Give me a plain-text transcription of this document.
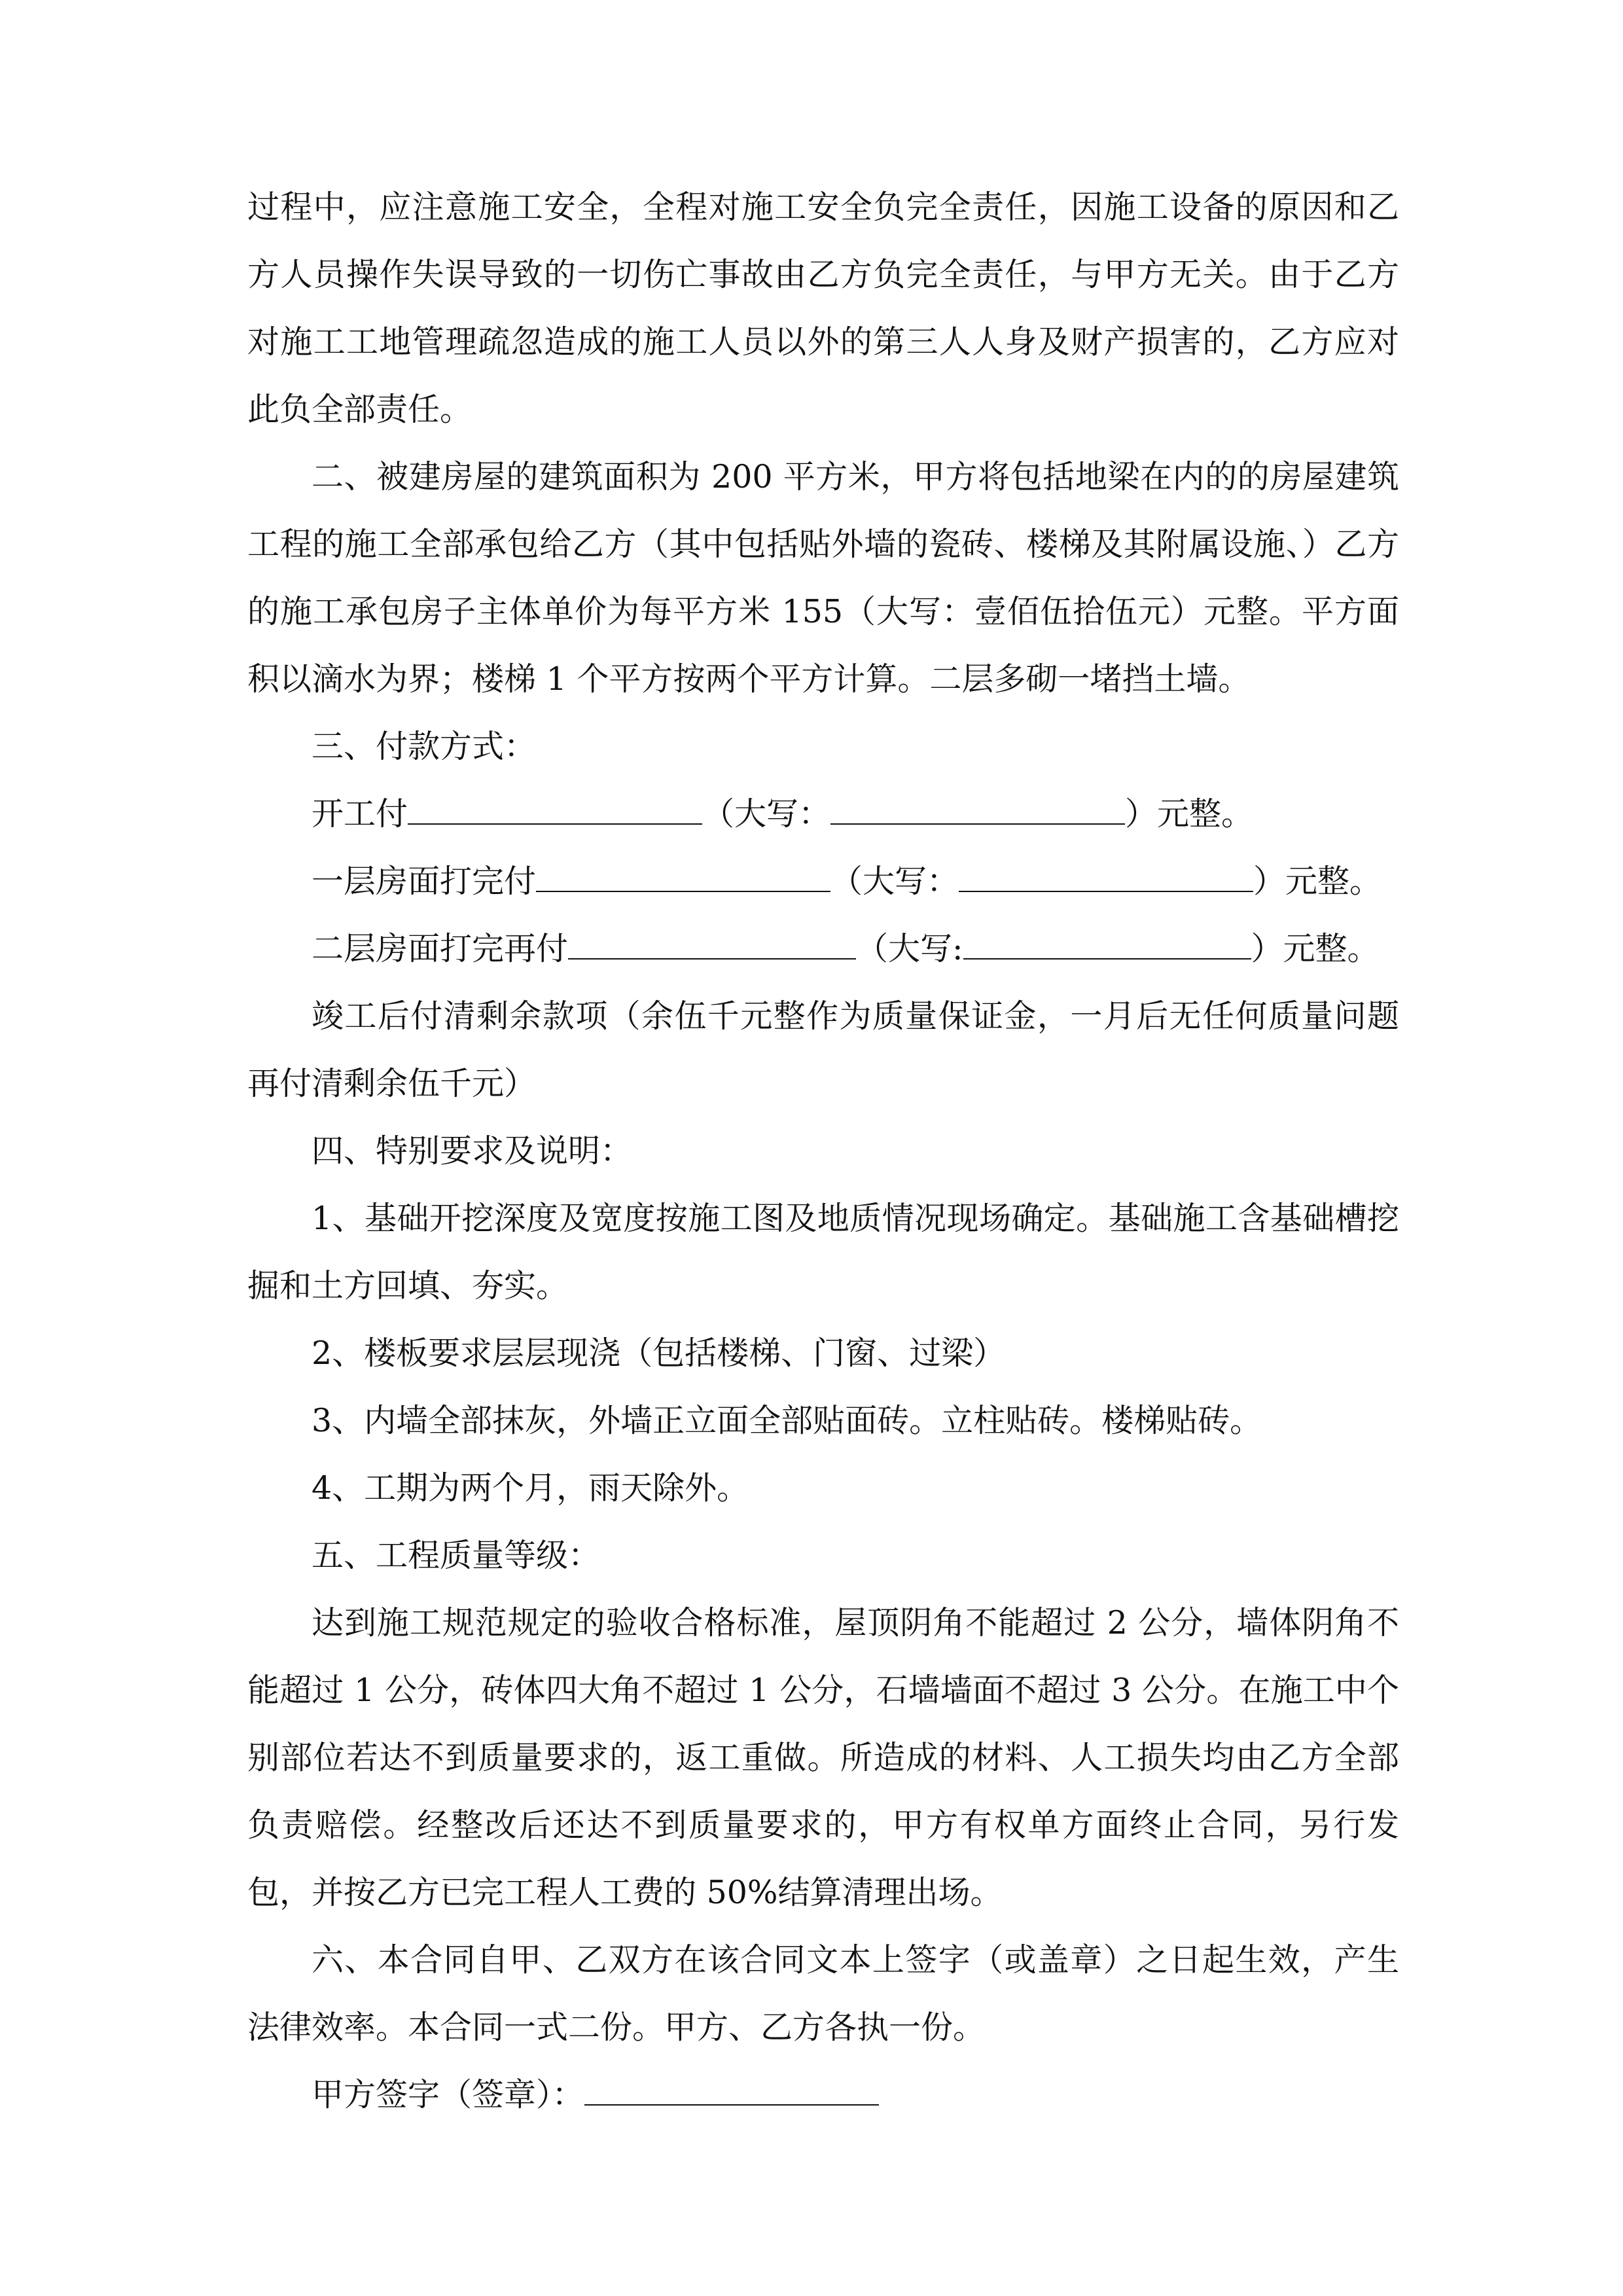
过程中，应注意施工安全，全程对施工安全负完全责任，因施工设备的原因和乙方人员操作失误导致的一切伤亡事故由乙方负完全责任，与甲方无关。由于乙方对施工工地管理疏忽造成的施工人员以外的第三人人身及财产损害的，乙方应对此负全部责任。

二、被建房屋的建筑面积为 200 平方米，甲方将包括地梁在内的的房屋建筑工程的施工全部承包给乙方（其中包括贴外墙的瓷砖、楼梯及其附属设施、）乙方的施工承包房子主体单价为每平方米 155（大写：壹佰伍拾伍元）元整。平方面积以滴水为界；楼梯 1 个平方按两个平方计算。二层多砌一堵挡土墙。

三、付款方式：

开工付	（大写：	）元整。

一层房面打完付	（大写：	）元整。

二层房面打完再付	（大写:	）元整。

竣工后付清剩余款项（余伍千元整作为质量保证金，一月后无任何质量问题再付清剩余伍千元）

四、特别要求及说明：

1、基础开挖深度及宽度按施工图及地质情况现场确定。基础施工含基础槽挖掘和土方回填、夯实。

2、楼板要求层层现浇（包括楼梯、门窗、过梁）

3、内墙全部抹灰，外墙正立面全部贴面砖。立柱贴砖。楼梯贴砖。

4、工期为两个月，雨天除外。

五、工程质量等级：

达到施工规范规定的验收合格标准，屋顶阴角不能超过 2 公分，墙体阴角不能超过 1 公分，砖体四大角不超过 1 公分，石墙墙面不超过 3 公分。在施工中个别部位若达不到质量要求的，返工重做。所造成的材料、人工损失均由乙方全部负责赔偿。经整改后还达不到质量要求的，甲方有权单方面终止合同，另行发包，并按乙方已完工程人工费的 50%结算清理出场。

六、本合同自甲、乙双方在该合同文本上签字（或盖章）之日起生效，产生法律效率。本合同一式二份。甲方、乙方各执一份。

甲方签字（签章）：
